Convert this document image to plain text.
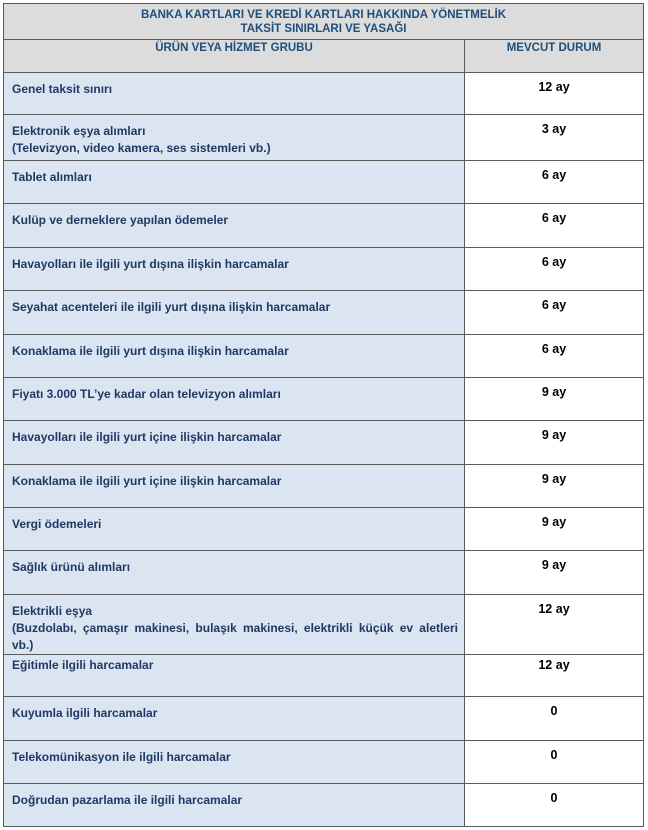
BANKA KARTLARI VE KREDİ KARTLARI HAKKINDA YÖNETMELİK
TAKSİT SINIRLARI VE YASAĞI	

ÜRÜN VEYA HİZMET GRUBU	MEVCUT DURUM

Genel taksit sınırı	12 ay

Elektronik eşya alımları
(Televizyon, video kamera, ses sistemleri vb.)	3 ay

Tablet alımları	6 ay

Kulüp ve derneklere yapılan ödemeler	6 ay

Havayolları ile ilgili yurt dışına ilişkin harcamalar	6 ay

Seyahat acenteleri ile ilgili yurt dışına ilişkin harcamalar	6 ay

Konaklama ile ilgili yurt dışına ilişkin harcamalar	6 ay

Fiyatı 3.000 TL’ye kadar olan televizyon alımları	9 ay

Havayolları ile ilgili yurt içine ilişkin harcamalar	9 ay

Konaklama ile ilgili yurt içine ilişkin harcamalar	9 ay

Vergi ödemeleri	9 ay

Sağlık ürünü alımları	9 ay

Elektrikli eşya
(Buzdolabı, çamaşır makinesi, bulaşık makinesi, elektrikli küçük ev aletleri vb.)	12 ay

Eğitimle ilgili harcamalar	12 ay

Kuyumla ilgili harcamalar	0

Telekomünikasyon ile ilgili harcamalar	0

Doğrudan pazarlama ile ilgili harcamalar	0
